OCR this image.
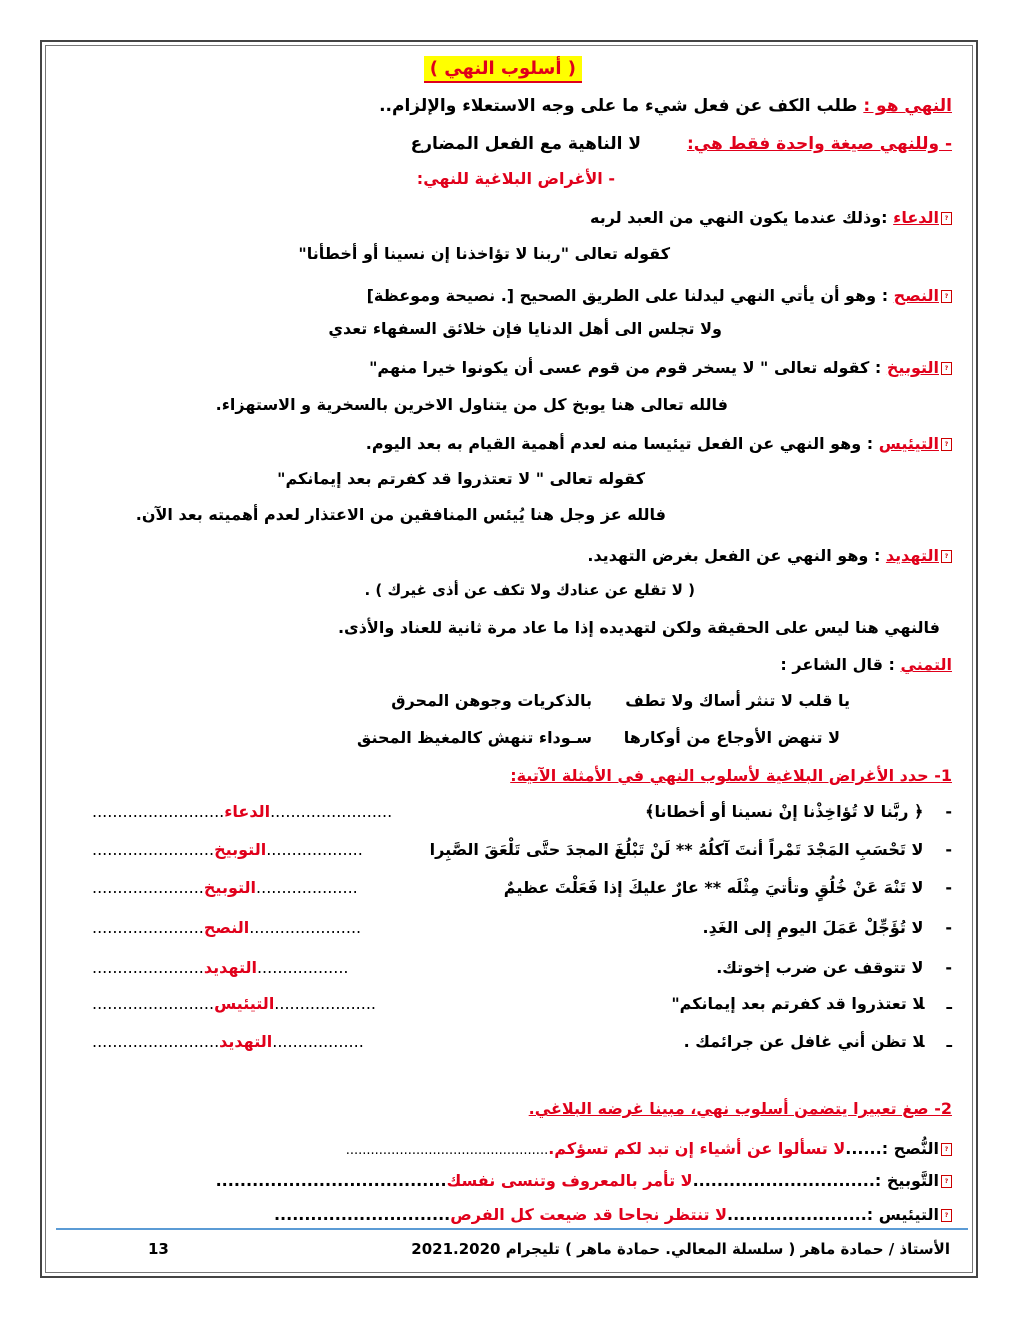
( أسلوب النهي )
النهي هو : طلب الكف عن فعل شيء ما على وجه الاستعلاء والإلزام..
- وللنهي صيغة واحدة فقط هي: لا الناهية مع الفعل المضارع
- الأغراض البلاغية للنهي:
?الدعاء :وذلك عندما يكون النهي من العبد لربه
كقوله تعالى "ربنا لا تؤاخذنا إن نسينا أو أخطأنا"
?النصح : وهو أن يأتي النهي ليدلنا على الطريق الصحيح [. نصيحة وموعظة]
ولا تجلس الى أهل الدنايا فإن خلائق السفهاء تعدي
?التوبيخ : كقوله تعالى " لا يسخر قوم من قوم عسى أن يكونوا خيرا منهم"
فالله تعالى هنا يوبخ كل من يتناول الاخرين بالسخرية و الاستهزاء.
?التيئيس : وهو النهي عن الفعل تيئيسا منه لعدم أهمية القيام به بعد اليوم.
كقوله تعالى " لا تعتذروا قد كفرتم بعد إيمانكم"
فالله عز وجل هنا يُيئس المنافقين من الاعتذار لعدم أهميته بعد الآن.
?التهديد : وهو النهي عن الفعل بغرض التهديد.
( لا تقلع عن عنادك ولا تكف عن أذى غيرك ) .
فالنهي هنا ليس على الحقيقة ولكن لتهديده إذا ما عاد مرة ثانية للعناد والأذى.
التمني : قال الشاعر :
يا قلب لا تنثر أساك ولا تطف
بالذكريات وجوهن المحرق
لا تنهض الأوجاع من أوكارها
سـوداء تنهش كالمغيظ المحنق
1- حدد الأغراض البلاغية لأسلوب النهي في الأمثلة الآتية:
-﴿ ربَّنا لا تُؤاخِذْنا إنْ نسينا أو أخطانا﴾
........................الدعاء..........................
-لا تَحْسَبِ المَجْدَ تَمْراً أنتَ آكلُهُ ** لَنْ تَبْلُغَ المجدَ حتَّى تَلْعَقَ الصَّبِرا
...................التوبيخ........................
-لا تَنْهَ عَنْ خُلُقٍ وتأتيَ مِثْلَه ** عارٌ عليكَ إذا فَعَلْتَ عظيمٌ
....................التوبيخ......................
-لا تُؤَجِّلْ عَمَلَ اليومِ إلى الغَدِ.
......................النصح......................
-لا تتوقف عن ضرب إخوتك.
..................التهديد......................
ـلا تعتذروا قد كفرتم بعد إيمانكم"
....................التيئيس........................
ـلا تظن أني غافل عن جرائمك .
..................التهديد.........................
2- صغ تعبيرا يتضمن أسلوب نهي، مبينا غرضه البلاغي.
?النُّصح :......لا تسألوا عن أشياء إن تبد لكم تسؤكم..................................................
?التَّوبيخ :..............................لا تأمر بالمعروف وتنسى نفسك......................................
?التيئيس :.......................لا تنتظر نجاحا قد ضيعت كل الفرص.............................
الأستاذ / حمادة ماهر ( سلسلة المعالي. حمادة ماهر ) تليجرام 2021.2020
13
